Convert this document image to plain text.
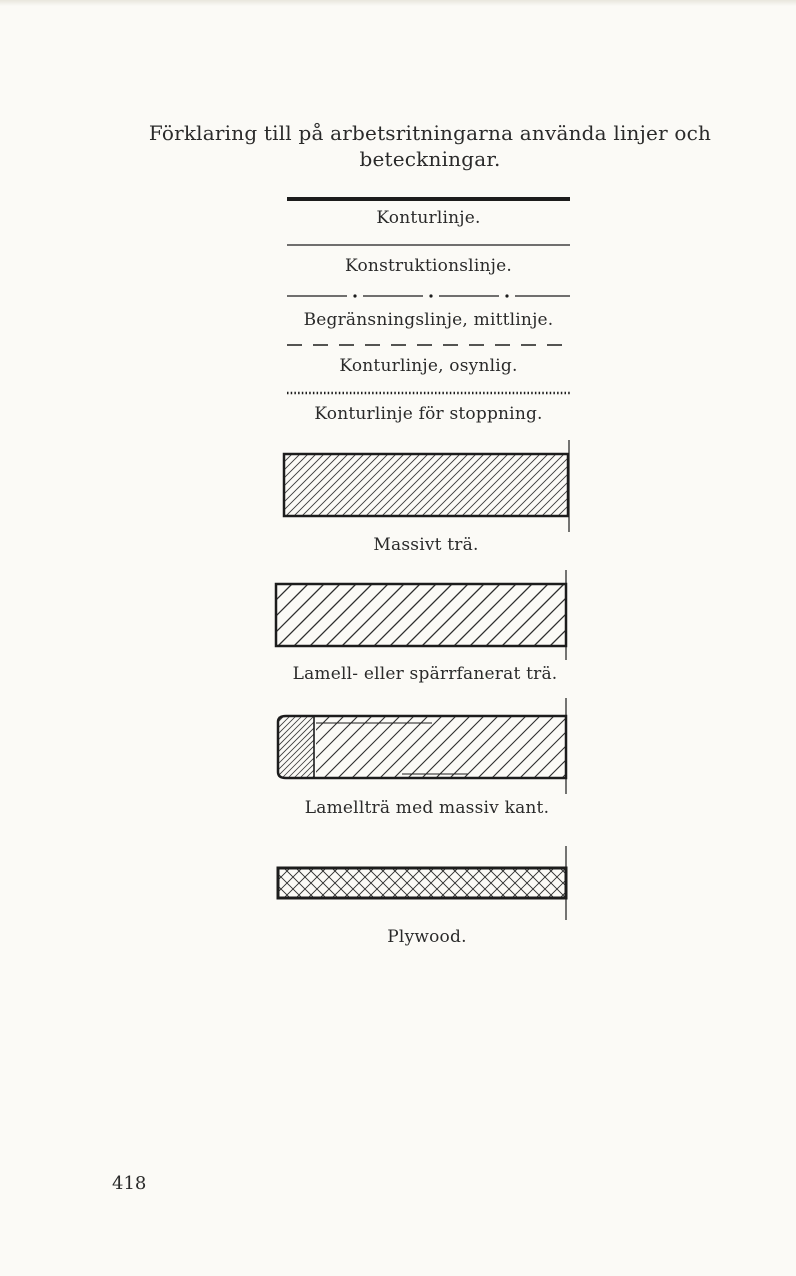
Förklaring till på arbetsritningarna använda linjer och beteckningar.
Konturlinje.
Konstruktionslinje.
Begränsningslinje, mittlinje.
Konturlinje, osynlig.
Konturlinje för stoppning.
Massivt trä.
Lamell- eller spärrfanerat trä.
Lamellträ med massiv kant.
Plywood.
418
